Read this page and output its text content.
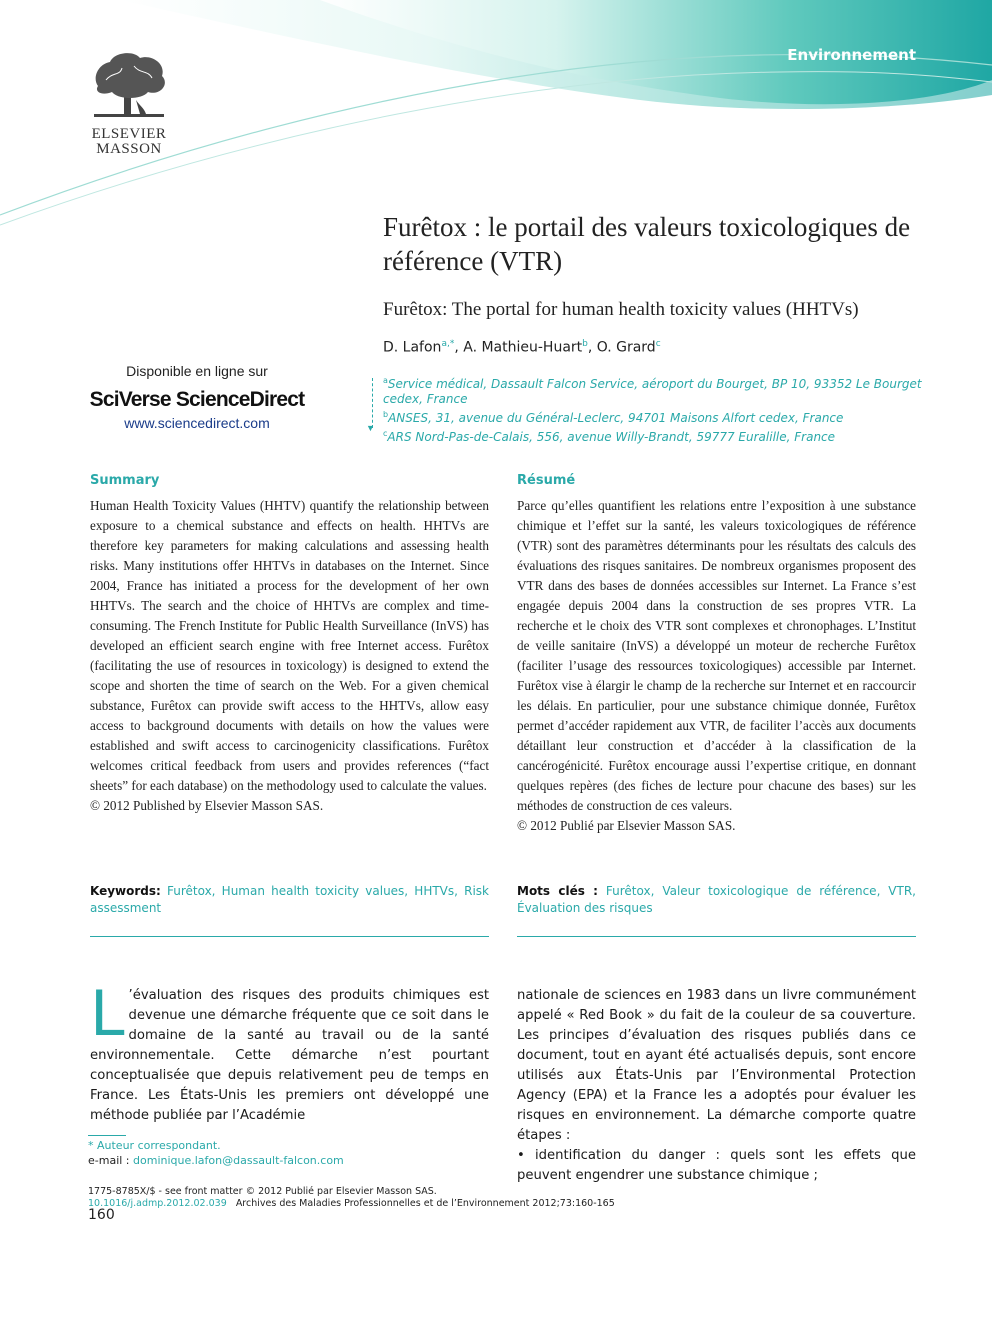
Environnement
ELSEVIER
MASSON
Furêtox : le portail des valeurs toxicologiques de référence (VTR)
Furêtox: The portal for human health toxicity values (HHTVs)
D. Lafon$^{a,*}$, A. Mathieu-Huart$^b$, O. Grard$^c$
▼
$^a$Service médical, Dassault Falcon Service, aéroport du Bourget, BP 10, 93352 Le Bourget cedex, France
$^b$ANSES, 31, avenue du Général-Leclerc, 94701 Maisons Alfort cedex, France
$^c$ARS Nord-Pas-de-Calais, 556, avenue Willy-Brandt, 59777 Euralille, France
Disponible en ligne sur
SciVerse ScienceDirect
www.sciencedirect.com
Summary

Human Health Toxicity Values (HHTV) quantify the relationship between exposure to a chemical substance and effects on health. HHTVs are therefore key parameters for making calculations and assessing health risks. Many institutions offer HHTVs in databases on the Internet. Since 2004, France has initiated a process for the development of her own HHTVs. The search and the choice of HHTVs are complex and time-consuming. The French Institute for Public Health Surveillance (InVS) has developed an efficient search engine with free Internet access. Furêtox (facilitating the use of resources in toxicology) is designed to extend the scope and shorten the time of search on the Web. For a given chemical substance, Furêtox can provide swift access to the HHTVs, allow easy access to background documents with details on how the values were established and swift access to carcinogenicity classifications. Furêtox welcomes critical feedback from users and provides references (“fact sheets” for each database) on the methodology used to calculate the values.

© 2012 Published by Elsevier Masson SAS.

Keywords: Furêtox, Human health toxicity values, HHTVs, Risk assessment
Résumé

Parce qu’elles quantifient les relations entre l’exposition à une substance chimique et l’effet sur la santé, les valeurs toxicologiques de référence (VTR) sont des paramètres déterminants pour les résultats des calculs des évaluations des risques sanitaires. De nombreux organismes proposent des VTR dans des bases de données accessibles sur Internet. La France s’est engagée depuis 2004 dans la construction de ses propres VTR. La recherche et le choix des VTR sont complexes et chronophages. L’Institut de veille sanitaire (InVS) a développé un moteur de recherche Furêtox (faciliter l’usage des ressources toxicologiques) accessible par Internet. Furêtox vise à élargir le champ de la recherche sur Internet et en raccourcir les délais. En particulier, pour une substance chimique donnée, Furêtox permet d’accéder rapidement aux VTR, de faciliter l’accès aux documents détaillant leur construction et d’accéder à la classification de la cancérogénicité. Furêtox encourage aussi l’expertise critique, en donnant quelques repères (des fiches de lecture pour chacune des bases) sur les méthodes de construction de ces valeurs.

© 2012 Publié par Elsevier Masson SAS.

Mots clés : Furêtox, Valeur toxicologique de référence, VTR, Évaluation des risques

L ’évaluation des risques des produits chimiques est devenue une démarche fréquente que ce soit dans le domaine de la santé au travail ou de la santé environnementale. Cette démarche n’est pourtant conceptualisée que depuis relativement peu de temps en France. Les États-Unis les premiers ont développé une méthode publiée par l’Académie

nationale de sciences en 1983 dans un livre communément appelé « Red Book » du fait de la couleur de sa couverture. Les principes d’évaluation des risques publiés dans ce document, tout en ayant été actualisés depuis, sont encore utilisés aux États-Unis par l’Environmental Protection Agency (EPA) et la France les a adoptés pour évaluer les risques en environnement. La démarche comporte quatre étapes :

• identification du danger : quels sont les effets que peuvent engendrer une substance chimique ;

* Auteur correspondant.
e-mail : dominique.lafon@dassault-falcon.com
1775-8785X/$ - see front matter © 2012 Publié par Elsevier Masson SAS.
10.1016/j.admp.2012.02.039 Archives des Maladies Professionnelles et de l’Environnement 2012;73:160-165
160
